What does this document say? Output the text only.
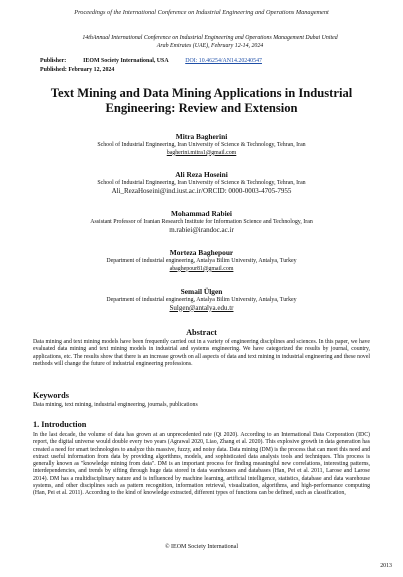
Proceedings of the International Conference on Industrial Engineering and Operations Management
14thAnnual International Conference on Industrial Engineering and Operations Management Dubai United
Arab Emirates (UAE), February 12-14, 2024
Publisher:	IEOM Society International, USA	DOI: 10.46254/AN14.20240547
Published: February 12, 2024
Text Mining and Data Mining Applications in Industrial
Engineering: Review and Extension
Mitra Bagherini
School of Industrial Engineering, Iran University of Science & Technology, Tehran, Iran
bagherini.mitra1@gmail.com
Ali Reza Hoseini
School of Industrial Engineering, Iran University of Science & Technology, Tehran, Iran
Ali_RezaHoseini@ind.iust.ac.ir/ORCID: 0000-0003-4705-7955
Mohammad Rabiei
Assistant Professor of Iranian Research Institute for Information Science and Technology, Iran
m.rabiei@irandoc.ac.ir
Morteza Baghepour
Department of industrial engineering, Antalya Bilim University, Antalya, Turkey
abaghepour81@gmail.com
Semail Ülgen
Department of industrial engineering, Antalya Bilim University, Antalya, Turkey
Sulgen@antalya.edu.tr
Abstract
Data mining and text mining models have been frequently carried out in a variety of engineering disciplines and sciences. In this paper, we have evaluated data mining and text mining models in industrial and systems engineering. We have categorized the results by journal, country, applications, etc. The results show that there is an increase growth on all aspects of data and text mining in industrial engineering and these novel methods will change the future of industrial engineering professions.
Keywords
Data mining, text mining, industrial engineering, journals, publications
1. Introduction
In the last decade, the volume of data has grown at an unprecedented rate (Qi 2020). According to an International Data Corporation (IDC) report, the digital universe would double every two years (Agrawal 2020, Liao, Zhang et al. 2020). This explosive growth in data generation has created a need for smart technologies to analyze this massive, fuzzy, and noisy data. Data mining (DM) is the process that can meet this need and extract useful information from data by providing algorithms, models, and sophisticated data analysis tools and techniques. This process is generally known as "knowledge mining from data". DM is an important process for finding meaningful new correlations, interesting patterns, interdependencies, and trends by sifting through huge data stored in data warehouses and databases (Han, Pei et al. 2011, Larose and Larose 2014). DM has a multidisciplinary nature and is influenced by machine learning, artificial intelligence, statistics, database and data warehouse systems, and other disciplines such as pattern recognition, information retrieval, visualization, algorithms, and high-performance computing (Han, Pei et al. 2011). According to the kind of knowledge extracted, different types of functions can be defined, such as classification,
© IEOM Society International
2013
